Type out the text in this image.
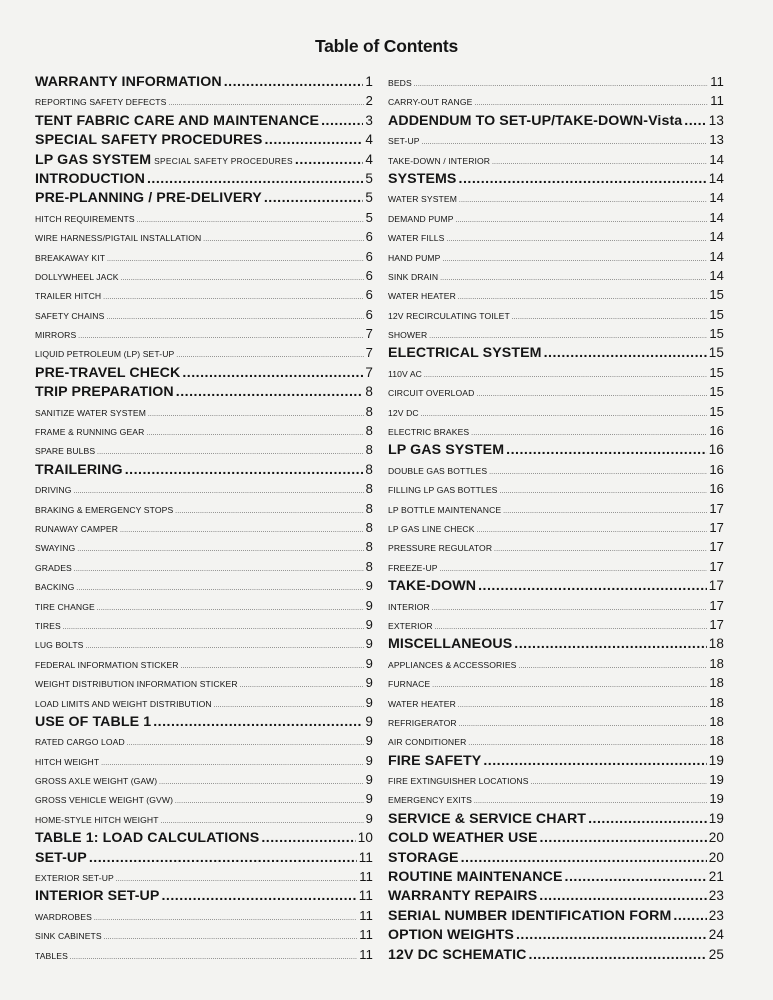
Table of Contents
WARRANTY INFORMATION .....	1
REPORTING SAFETY DEFECTS .....	2
TENT FABRIC CARE AND MAINTENANCE .....	3
SPECIAL SAFETY PROCEDURES .....	4
LP GAS SYSTEM SPECIAL SAFETY PROCEDURES .....	4
INTRODUCTION .....	5
PRE-PLANNING / PRE-DELIVERY .....	5
HITCH REQUIREMENTS .....	5
WIRE HARNESS/PIGTAIL INSTALLATION .....	6
BREAKAWAY KIT .....	6
DOLLYWHEEL JACK .....	6
TRAILER HITCH .....	6
SAFETY CHAINS .....	6
MIRRORS .....	7
LIQUID PETROLEUM (LP) SET-UP .....	7
PRE-TRAVEL CHECK .....	7
TRIP PREPARATION .....	8
SANITIZE WATER SYSTEM .....	8
FRAME & RUNNING GEAR .....	8
SPARE BULBS .....	8
TRAILERING .....	8
DRIVING .....	8
BRAKING & EMERGENCY STOPS .....	8
RUNAWAY CAMPER .....	8
SWAYING .....	8
GRADES .....	8
BACKING .....	9
TIRE CHANGE .....	9
TIRES .....	9
LUG BOLTS .....	9
FEDERAL INFORMATION STICKER .....	9
WEIGHT DISTRIBUTION INFORMATION STICKER .....	9
LOAD LIMITS AND WEIGHT DISTRIBUTION .....	9
USE OF TABLE 1 .....	9
RATED CARGO LOAD .....	9
HITCH WEIGHT .....	9
GROSS AXLE WEIGHT (GAW) .....	9
GROSS VEHICLE WEIGHT (GVW) .....	9
HOME-STYLE HITCH WEIGHT .....	9
TABLE 1: LOAD CALCULATIONS .....	10
SET-UP .....	11
EXTERIOR SET-UP .....	11
INTERIOR SET-UP .....	11
WARDROBES .....	11
SINK CABINETS .....	11
TABLES .....	11
BEDS .....	11
CARRY-OUT RANGE .....	11
ADDENDUM TO SET-UP/TAKE-DOWN-Vista ..... 13
SET-UP .....	13
TAKE-DOWN / INTERIOR .....	14
SYSTEMS .....	14
WATER SYSTEM .....	14
DEMAND PUMP .....	14
WATER FILLS .....	14
HAND PUMP .....	14
SINK DRAIN .....	14
WATER HEATER .....	15
12V RECIRCULATING TOILET .....	15
SHOWER .....	15
ELECTRICAL SYSTEM .....	15
110V AC .....	15
CIRCUIT OVERLOAD .....	15
12V DC .....	15
ELECTRIC BRAKES .....	16
LP GAS SYSTEM .....	16
DOUBLE GAS BOTTLES .....	16
FILLING LP GAS BOTTLES .....	16
LP BOTTLE MAINTENANCE .....	17
LP GAS LINE CHECK .....	17
PRESSURE REGULATOR .....	17
FREEZE-UP .....	17
TAKE-DOWN .....	17
INTERIOR .....	17
EXTERIOR .....	17
MISCELLANEOUS .....	18
APPLIANCES & ACCESSORIES .....	18
FURNACE .....	18
WATER HEATER .....	18
REFRIGERATOR .....	18
AIR CONDITIONER .....	18
FIRE SAFETY .....	19
FIRE EXTINGUISHER LOCATIONS .....	19
EMERGENCY EXITS .....	19
SERVICE & SERVICE CHART .....	19
COLD WEATHER USE .....	20
STORAGE .....	20
ROUTINE MAINTENANCE .....	21
WARRANTY REPAIRS .....	23
SERIAL NUMBER IDENTIFICATION FORM .....	23
OPTION WEIGHTS .....	24
12V DC SCHEMATIC .....	25
